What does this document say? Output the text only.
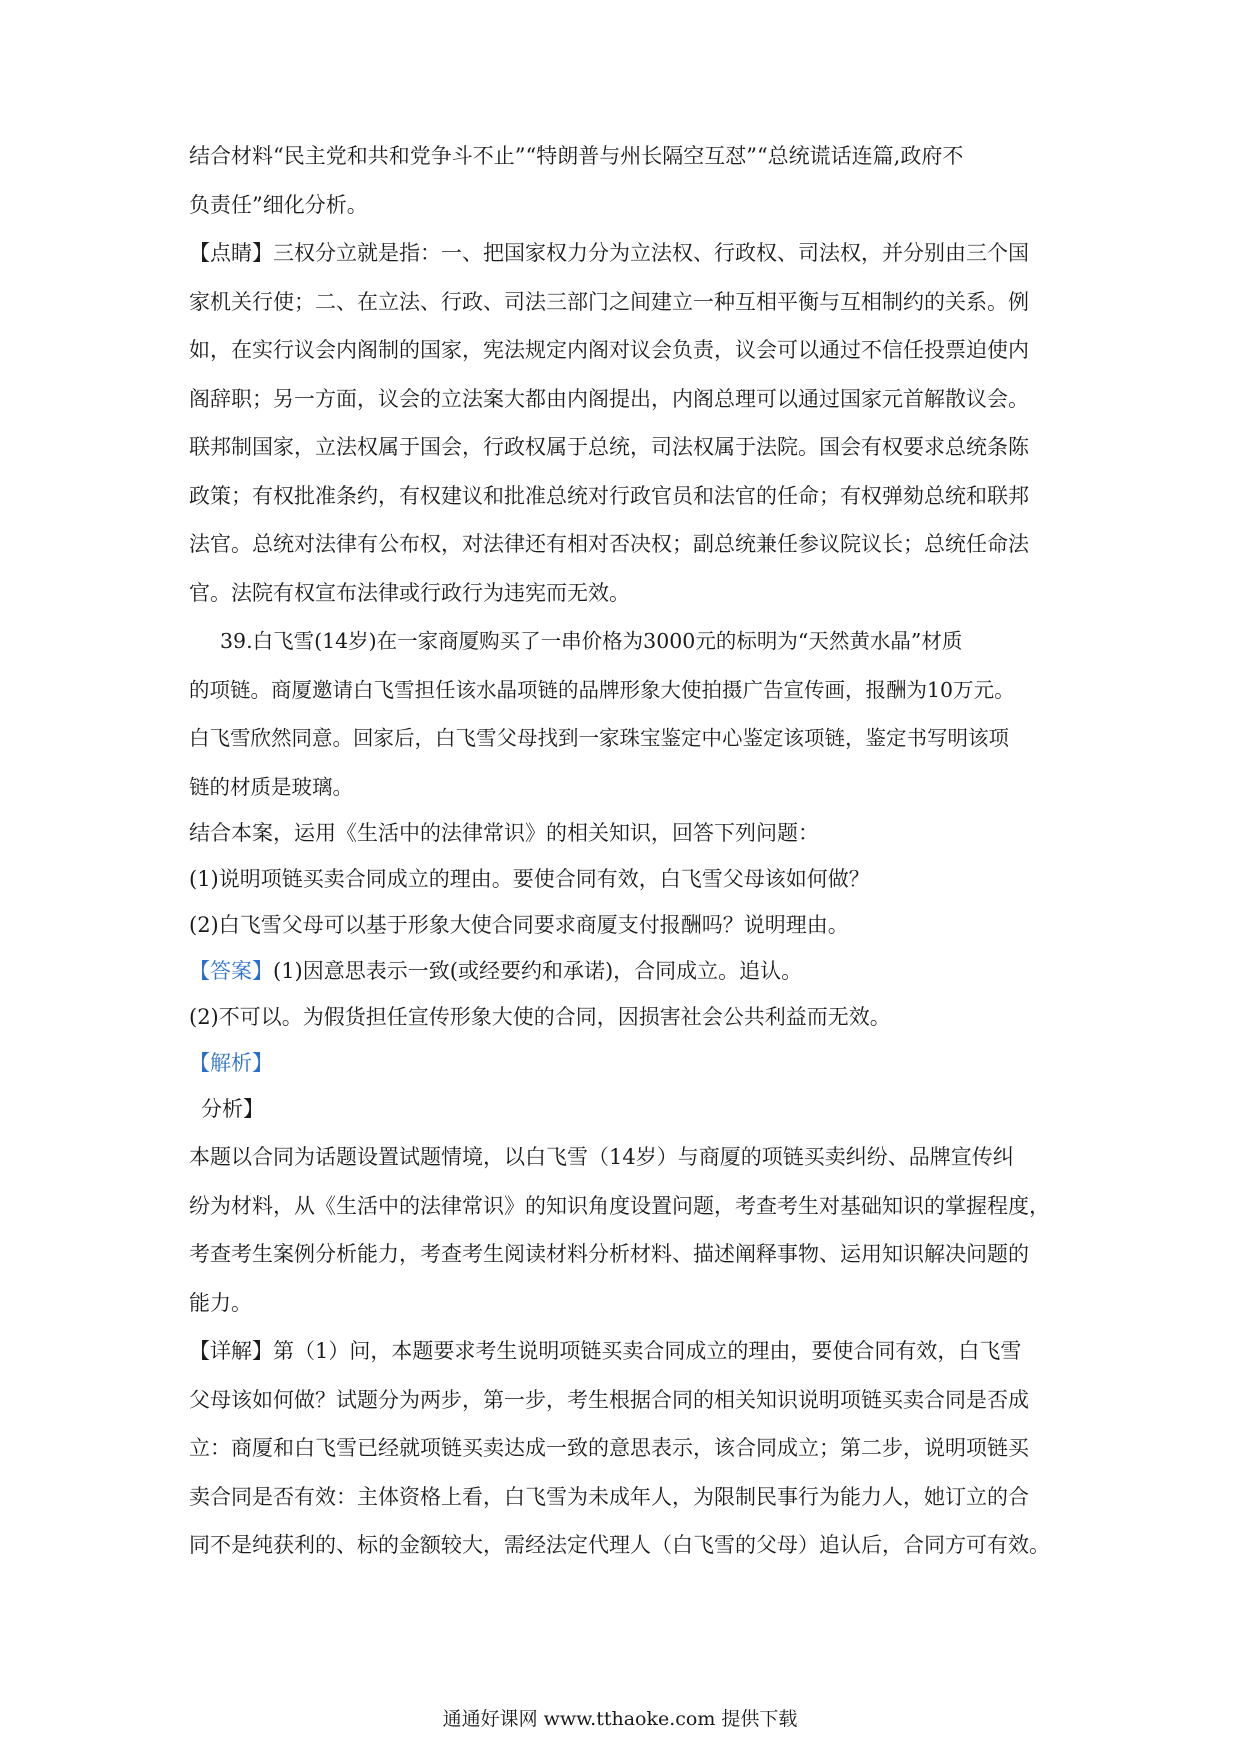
结合材料“民主党和共和党争斗不止”“特朗普与州长隔空互怼”“总统谎话连篇,政府不
负责任”细化分析。
【点睛】三权分立就是指：一、把国家权力分为立法权、行政权、司法权，并分别由三个国
家机关行使；二、在立法、行政、司法三部门之间建立一种互相平衡与互相制约的关系。例
如，在实行议会内阁制的国家，宪法规定内阁对议会负责，议会可以通过不信任投票迫使内
阁辞职；另一方面，议会的立法案大都由内阁提出，内阁总理可以通过国家元首解散议会。
联邦制国家，立法权属于国会，行政权属于总统，司法权属于法院。国会有权要求总统条陈
政策；有权批准条约，有权建议和批准总统对行政官员和法官的任命；有权弹劾总统和联邦
法官。总统对法律有公布权，对法律还有相对否决权；副总统兼任参议院议长；总统任命法
官。法院有权宣布法律或行政行为违宪而无效。
39.白飞雪(14岁)在一家商厦购买了一串价格为3000元的标明为“天然黄水晶”材质
的项链。商厦邀请白飞雪担任该水晶项链的品牌形象大使拍摄广告宣传画，报酬为10万元。
白飞雪欣然同意。回家后，白飞雪父母找到一家珠宝鉴定中心鉴定该项链，鉴定书写明该项
链的材质是玻璃。
结合本案，运用《生活中的法律常识》的相关知识，回答下列问题：
(1)说明项链买卖合同成立的理由。要使合同有效，白飞雪父母该如何做？
(2)白飞雪父母可以基于形象大使合同要求商厦支付报酬吗？说明理由。
【答案】(1)因意思表示一致(或经要约和承诺)，合同成立。追认。
(2)不可以。为假货担任宣传形象大使的合同，因损害社会公共利益而无效。
【解析】
分析】
本题以合同为话题设置试题情境，以白飞雪（14岁）与商厦的项链买卖纠纷、品牌宣传纠
纷为材料，从《生活中的法律常识》的知识角度设置问题，考查考生对基础知识的掌握程度，
考查考生案例分析能力，考查考生阅读材料分析材料、描述阐释事物、运用知识解决问题的
能力。
【详解】第（1）问，本题要求考生说明项链买卖合同成立的理由，要使合同有效，白飞雪
父母该如何做？试题分为两步，第一步，考生根据合同的相关知识说明项链买卖合同是否成
立：商厦和白飞雪已经就项链买卖达成一致的意思表示，该合同成立；第二步，说明项链买
卖合同是否有效：主体资格上看，白飞雪为未成年人，为限制民事行为能力人，她订立的合
同不是纯获利的、标的金额较大，需经法定代理人（白飞雪的父母）追认后，合同方可有效。
通通好课网 www.tthaoke.com 提供下载
